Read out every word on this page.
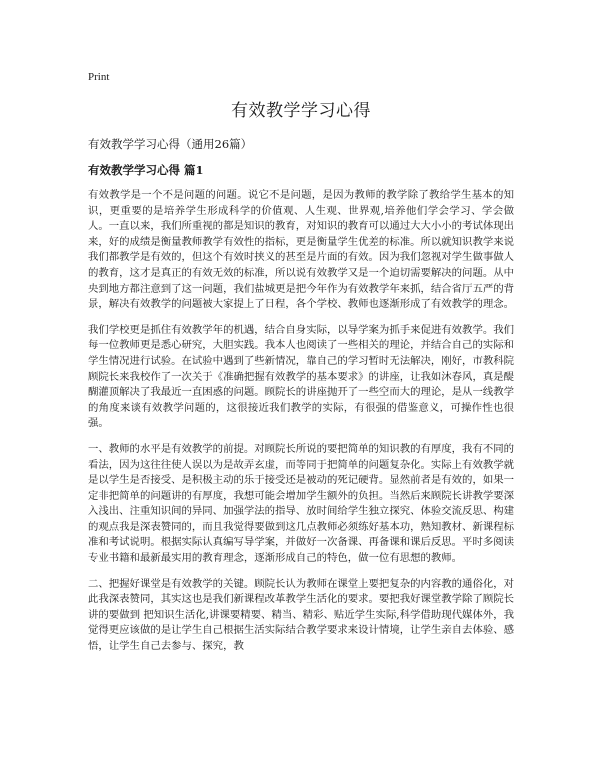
Print

有效教学学习心得

有效教学学习心得（通用26篇）

有效教学学习心得 篇1

有效教学是一个不是问题的问题。说它不是问题，是因为教师的教学除了教给学生基本的知识，更重要的是培养学生形成科学的价值观、人生观、世界观,培养他们学会学习、学会做人。一直以来，我们所重视的都是知识的教育，对知识的教育可以通过大大小小的考试体现出来，好的成绩是衡量教师教学有效性的指标，更是衡量学生优差的标准。所以就知识教学来说我们都教学是有效的，但这个有效时挟义的甚至是片面的有效。因为我们忽视对学生做事做人的教育，这才是真正的有效无效的标准，所以说有效教学又是一个迫切需要解决的问题。从中央到地方都注意到了这一问题，我们盐城更是把今年作为有效教学年来抓，结合省厅五严的背景，解决有效教学的问题被大家提上了日程，各个学校、教师也逐渐形成了有效教学的理念。

我们学校更是抓住有效教学年的机遇，结合自身实际，以导学案为抓手来促进有效教学。我们每一位教师更是悉心研究，大胆实践。我本人也阅读了一些相关的理论，并结合自己的实际和学生情况进行试验。在试验中遇到了些新情况，靠自己的学习暂时无法解决，刚好，市教科院顾院长来我校作了一次关于《准确把握有效教学的基本要求》的讲座，让我如沐春风，真是醍醐灌顶解决了我最近一直困惑的问题。顾院长的讲座抛开了一些空而大的理论，是从一线教学的角度来谈有效教学问题的，这很接近我们教学的实际，有很强的借鉴意义，可操作性也很强。

一、教师的水平是有效教学的前提。对顾院长所说的要把简单的知识教的有厚度，我有不同的看法，因为这往往使人误以为是故弄玄虚，而等同于把简单的问题复杂化。实际上有效教学就是以学生是否接受、是积极主动的乐于接受还是被动的死记硬背。显然前者是有效的，如果一定非把简单的问题讲的有厚度，我想可能会增加学生额外的负担。当然后来顾院长讲教学要深入浅出、注重知识间的异同、加强学法的指导、放时间给学生独立探究、体验交流反思、构建的观点我是深表赞同的，而且我觉得要做到这几点教师必须练好基本功，熟知教材、新课程标准和考试说明。根据实际认真编写导学案，并做好一次备课、再备课和课后反思。平时多阅读专业书籍和最新最实用的教育理念，逐渐形成自己的特色，做一位有思想的教师。

二、把握好课堂是有效教学的关键。顾院长认为教师在课堂上要把复杂的内容教的通俗化，对此我深表赞同，其实这也是我们新课程改革教学生活化的要求。要把我好课堂教学除了顾院长讲的要做到 把知识生活化,讲课要精要、精当、精彩、贴近学生实际,科学借助现代媒体外，我觉得更应该做的是让学生自己根据生活实际结合教学要求来设计情境，让学生亲自去体验、感悟，让学生自己去参与、探究，教
